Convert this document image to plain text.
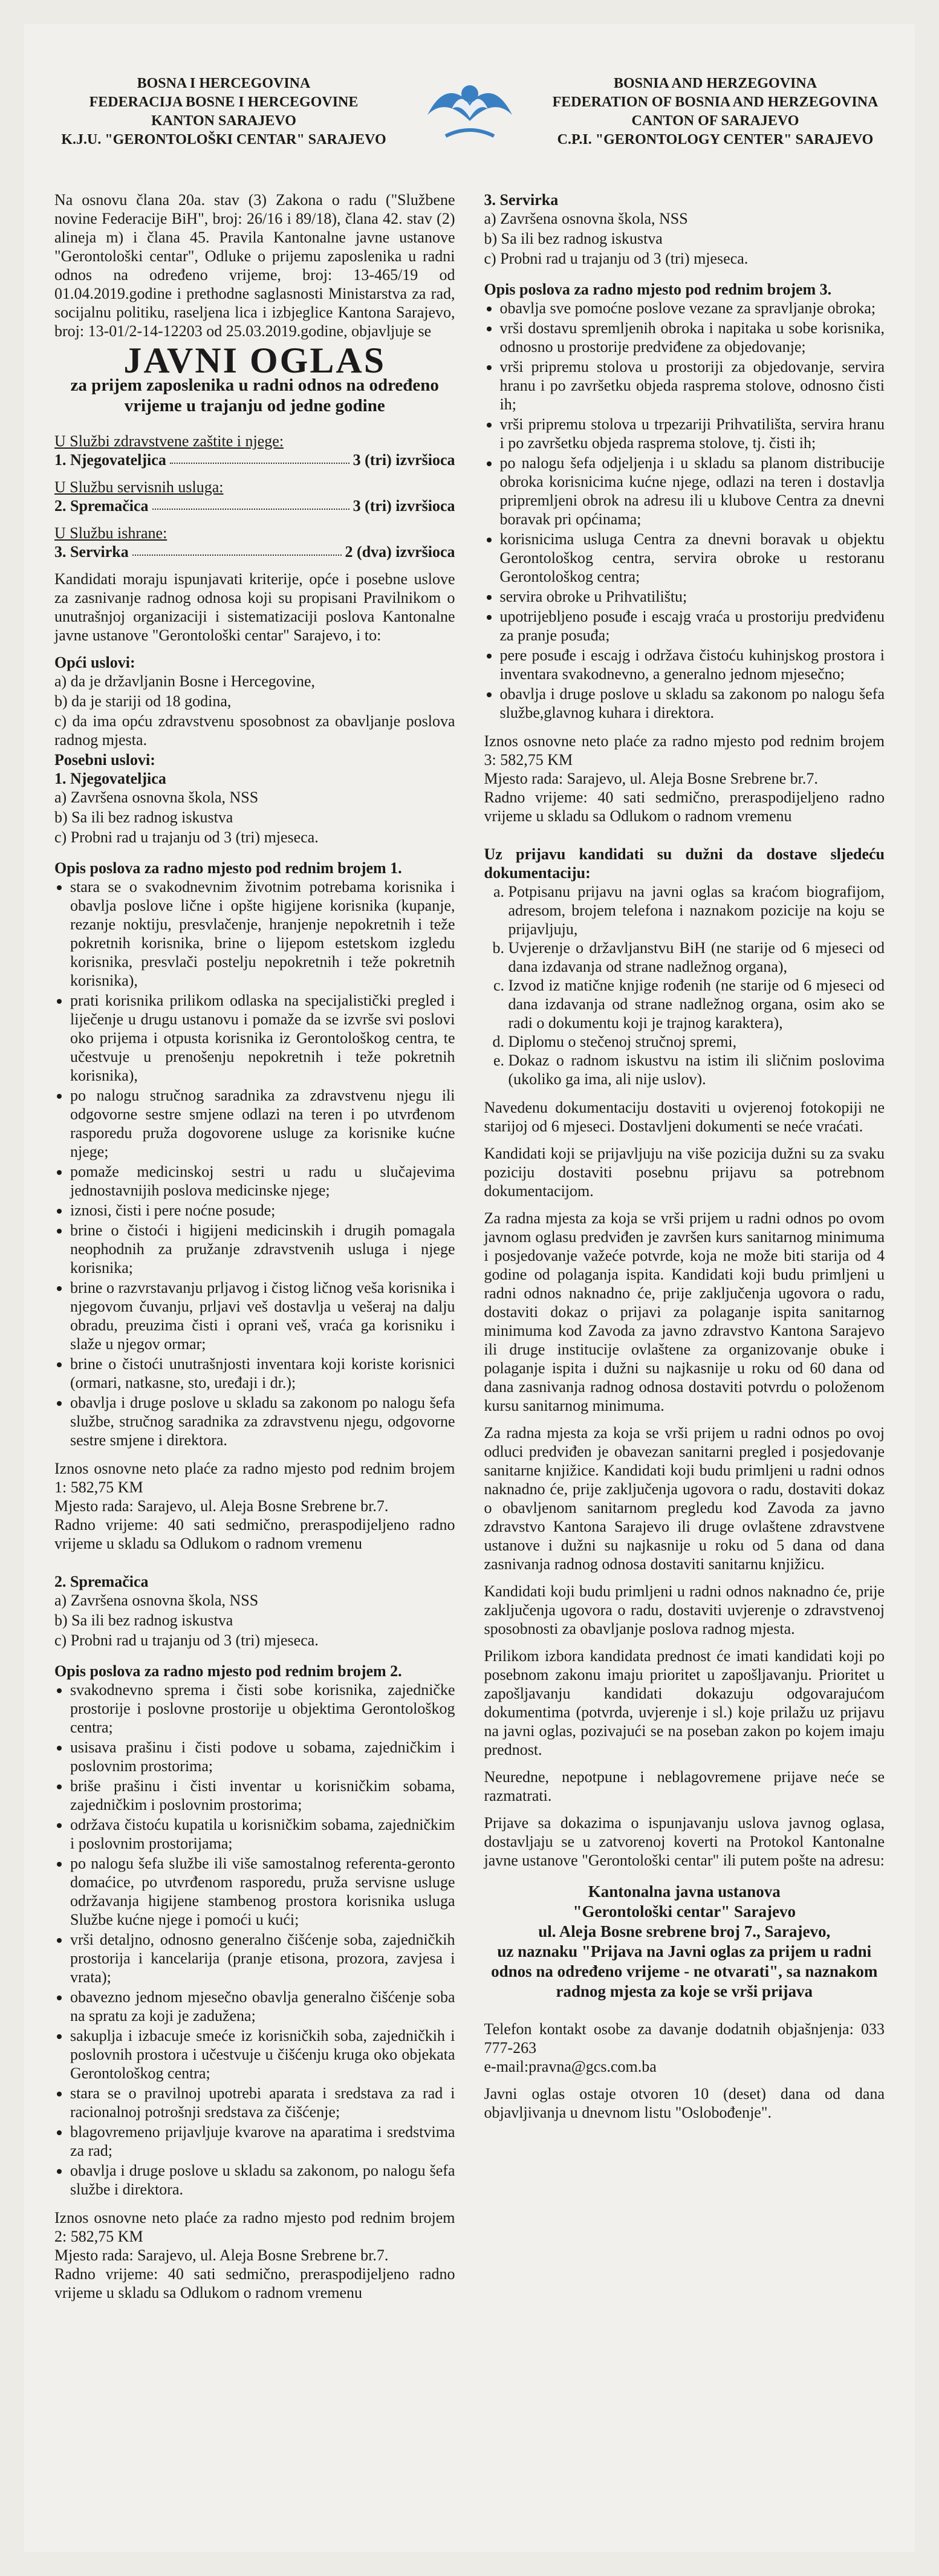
BOSNA I HERCEGOVINA
FEDERACIJA BOSNE I HERCEGOVINE
KANTON SARAJEVO
K.J.U. "GERONTOLOŠKI CENTAR" SARAJEVO
BOSNIA AND HERZEGOVINA
FEDERATION OF BOSNIA AND HERZEGOVINA
CANTON OF SARAJEVO
C.P.I. "GERONTOLOGY CENTER" SARAJEVO

Na osnovu člana 20a. stav (3) Zakona o radu ("Službene novine Federacije BiH", broj: 26/16 i 89/18), člana 42. stav (2) alineja m) i člana 45. Pravila Kantonalne javne ustanove "Gerontološki centar", Odluke o prijemu zaposlenika u radni odnos na određeno vrijeme, broj: 13-465/19 od 01.04.2019.godine i prethodne saglasnosti Ministarstva za rad, socijalnu politiku, raseljena lica i izbjeglice Kantona Sarajevo, broj: 13-01/2-14-12203 od 25.03.2019.godine, objavljuje se

JAVNI OGLAS
za prijem zaposlenika u radni odnos na određeno vrijeme u trajanju od jedne godine
U Službi zdravstvene zaštite i njege:
1. Njegovateljica	3 (tri) izvršioca
U Službu servisnih usluga:
2. Spremačica	3 (tri) izvršioca
U Službu ishrane:
3. Servirka	2 (dva) izvršioca

Kandidati moraju ispunjavati kriterije, opće i posebne uslove za zasnivanje radnog odnosa koji su propisani Pravilnikom o unutrašnjoj organizaciji i sistematizaciji poslova Kantonalne javne ustanove "Gerontološki centar" Sarajevo, i to:

Opći uslovi:
a) da je državljanin Bosne i Hercegovine,
b) da je stariji od 18 godina,
c) da ima opću zdravstvenu sposobnost za obavljanje poslova radnog mjesta.
Posebni uslovi:
1. Njegovateljica
a) Završena osnovna škola, NSS
b) Sa ili bez radnog iskustva
c) Probni rad u trajanju od 3 (tri) mjeseca.
Opis poslova za radno mjesto pod rednim brojem 1.
• stara se o svakodnevnim životnim potrebama korisnika i obavlja poslove lične i opšte higijene korisnika (kupanje, rezanje noktiju, presvlačenje, hranjenje nepokretnih i teže pokretnih korisnika, brine o lijepom estetskom izgledu korisnika, presvlači postelju nepokretnih i teže pokretnih korisnika),
• prati korisnika prilikom odlaska na specijalistički pregled i liječenje u drugu ustanovu i pomaže da se izvrše svi poslovi oko prijema i otpusta korisnika iz Gerontološkog centra, te učestvuje u prenošenju nepokretnih i teže pokretnih korisnika),
• po nalogu stručnog saradnika za zdravstvenu njegu ili odgovorne sestre smjene odlazi na teren i po utvrđenom rasporedu pruža dogovorene usluge za korisnike kućne njege;
• pomaže medicinskoj sestri u radu u slučajevima jednostavnijih poslova medicinske njege;
• iznosi, čisti i pere noćne posude;
• brine o čistoći i higijeni medicinskih i drugih pomagala neophodnih za pružanje zdravstvenih usluga i njege korisnika;
• brine o razvrstavanju prljavog i čistog ličnog veša korisnika i njegovom čuvanju, prljavi veš dostavlja u vešeraj na dalju obradu, preuzima čisti i oprani veš, vraća ga korisniku i slaže u njegov ormar;
• brine o čistoći unutrašnjosti inventara koji koriste korisnici (ormari, natkasne, sto, uređaji i dr.);
• obavlja i druge poslove u skladu sa zakonom po nalogu šefa službe, stručnog saradnika za zdravstvenu njegu, odgovorne sestre smjene i direktora.

Iznos osnovne neto plaće za radno mjesto pod rednim brojem 1: 582,75 KM

Mjesto rada: Sarajevo, ul. Aleja Bosne Srebrene br.7.

Radno vrijeme: 40 sati sedmično, preraspodijeljeno radno vrijeme u skladu sa Odlukom o radnom vremenu

2. Spremačica
a) Završena osnovna škola, NSS
b) Sa ili bez radnog iskustva
c) Probni rad u trajanju od 3 (tri) mjeseca.
Opis poslova za radno mjesto pod rednim brojem 2.
• svakodnevno sprema i čisti sobe korisnika, zajedničke prostorije i poslovne prostorije u objektima Gerontološkog centra;
• usisava prašinu i čisti podove u sobama, zajedničkim i poslovnim prostorima;
• briše prašinu i čisti inventar u korisničkim sobama, zajedničkim i poslovnim prostorima;
• održava čistoću kupatila u korisničkim sobama, zajedničkim i poslovnim prostorijama;
• po nalogu šefa službe ili više samostalnog referenta-geronto domaćice, po utvrđenom rasporedu, pruža servisne usluge održavanja higijene stambenog prostora korisnika usluga Službe kućne njege i pomoći u kući;
• vrši detaljno, odnosno generalno čišćenje soba, zajedničkih prostorija i kancelarija (pranje etisona, prozora, zavjesa i vrata);
• obavezno jednom mjesečno obavlja generalno čišćenje soba na spratu za koji je zadužena;
• sakuplja i izbacuje smeće iz korisničkih soba, zajedničkih i poslovnih prostora i učestvuje u čišćenju kruga oko objekata Gerontološkog centra;
• stara se o pravilnoj upotrebi aparata i sredstava za rad i racionalnoj potrošnji sredstava za čišćenje;
• blagovremeno prijavljuje kvarove na aparatima i sredstvima za rad;
• obavlja i druge poslove u skladu sa zakonom, po nalogu šefa službe i direktora.

Iznos osnovne neto plaće za radno mjesto pod rednim brojem 2: 582,75 KM

Mjesto rada: Sarajevo, ul. Aleja Bosne Srebrene br.7.

Radno vrijeme: 40 sati sedmično, preraspodijeljeno radno vrijeme u skladu sa Odlukom o radnom vremenu

3. Servirka
a) Završena osnovna škola, NSS
b) Sa ili bez radnog iskustva
c) Probni rad u trajanju od 3 (tri) mjeseca.
Opis poslova za radno mjesto pod rednim brojem 3.
• obavlja sve pomoćne poslove vezane za spravljanje obroka;
• vrši dostavu spremljenih obroka i napitaka u sobe korisnika, odnosno u prostorije predviđene za objedovanje;
• vrši pripremu stolova u prostoriji za objedovanje, servira hranu i po završetku objeda raspremа stolove, odnosno čisti ih;
• vrši pripremu stolova u trpezariji Prihvatilišta, servira hranu i po završetku objeda raspremа stolove, tj. čisti ih;
• po nalogu šefa odjeljenja i u skladu sa planom distribucije obroka korisnicima kućne njege, odlazi na teren i dostavlja pripremljeni obrok na adresu ili u klubove Centra za dnevni boravak pri općinama;
• korisnicima usluga Centra za dnevni boravak u objektu Gerontološkog centra, servira obroke u restoranu Gerontološkog centra;
• servira obroke u Prihvatilištu;
• upotrijebljeno posuđe i escajg vraća u prostoriju predviđenu za pranje posuđa;
• pere posuđe i escajg i održava čistoću kuhinjskog prostora i inventara svakodnevno, a generalno jednom mjesečno;
• obavlja i druge poslove u skladu sa zakonom po nalogu šefa službe,glavnog kuhara i direktora.

Iznos osnovne neto plaće za radno mjesto pod rednim brojem 3: 582,75 KM

Mjesto rada: Sarajevo, ul. Aleja Bosne Srebrene br.7.

Radno vrijeme: 40 sati sedmično, preraspodijeljeno radno vrijeme u skladu sa Odlukom o radnom vremenu

Uz prijavu kandidati su dužni da dostave sljedeću dokumentaciju:
a. Potpisanu prijavu na javni oglas sa kraćom biografijom, adresom, brojem telefona i naznakom pozicije na koju se prijavljuju,
b. Uvjerenje o državljanstvu BiH (ne starije od 6 mjeseci od dana izdavanja od strane nadležnog organa),
c. Izvod iz matične knjige rođenih (ne starije od 6 mjeseci od dana izdavanja od strane nadležnog organa, osim ako se radi o dokumentu koji je trajnog karaktera),
d. Diplomu o stečenoj stručnoj spremi,
e. Dokaz o radnom iskustvu na istim ili sličnim poslovima (ukoliko ga ima, ali nije uslov).

Navedenu dokumentaciju dostaviti u ovjerenoj fotokopiji ne starijoj od 6 mjeseci. Dostavljeni dokumenti se neće vraćati.

Kandidati koji se prijavljuju na više pozicija dužni su za svaku poziciju dostaviti posebnu prijavu sa potrebnom dokumentacijom.

Za radna mjesta za koja se vrši prijem u radni odnos po ovom javnom oglasu predviđen je završen kurs sanitarnog minimuma i posjedovanje važeće potvrde, koja ne može biti starija od 4 godine od polaganja ispita. Kandidati koji budu primljeni u radni odnos naknadno će, prije zaključenja ugovora o radu, dostaviti dokaz o prijavi za polaganje ispita sanitarnog minimuma kod Zavoda za javno zdravstvo Kantona Sarajevo ili druge institucije ovlaštene za organizovanje obuke i polaganje ispita i dužni su najkasnije u roku od 60 dana od dana zasnivanja radnog odnosa dostaviti potvrdu o položenom kursu sanitarnog minimuma.

Za radna mjesta za koja se vrši prijem u radni odnos po ovoj odluci predviđen je obavezan sanitarni pregled i posjedovanje sanitarne knjižice. Kandidati koji budu primljeni u radni odnos naknadno će, prije zaključenja ugovora o radu, dostaviti dokaz o obavljenom sanitarnom pregledu kod Zavoda za javno zdravstvo Kantona Sarajevo ili druge ovlaštene zdravstvene ustanove i dužni su najkasnije u roku od 5 dana od dana zasnivanja radnog odnosa dostaviti sanitarnu knjižicu.

Kandidati koji budu primljeni u radni odnos naknadno će, prije zaključenja ugovora o radu, dostaviti uvjerenje o zdravstvenoj sposobnosti za obavljanje poslova radnog mjesta.

Prilikom izbora kandidata prednost će imati kandidati koji po posebnom zakonu imaju prioritet u zapošljavanju. Prioritet u zapošljavanju kandidati dokazuju odgovarajućom dokumentima (potvrda, uvjerenje i sl.) koje prilažu uz prijavu na javni oglas, pozivajući se na poseban zakon po kojem imaju prednost.

Neuredne, nepotpune i neblagovremene prijave neće se razmatrati.

Prijave sa dokazima o ispunjavanju uslova javnog oglasa, dostavljaju se u zatvorenoj koverti na Protokol Kantonalne javne ustanove "Gerontološki centar" ili putem pošte na adresu:

Kantonalna javna ustanova
"Gerontološki centar" Sarajevo
ul. Aleja Bosne srebrene broj 7., Sarajevo,
uz naznaku "Prijava na Javni oglas za prijem u radni odnos na određeno vrijeme - ne otvarati", sa naznakom radnog mjesta za koje se vrši prijava

Telefon kontakt osobe za davanje dodatnih objašnjenja: 033 777-263

e-mail:pravna@gcs.com.ba

Javni oglas ostaje otvoren 10 (deset) dana od dana objavljivanja u dnevnom listu "Oslobođenje".
